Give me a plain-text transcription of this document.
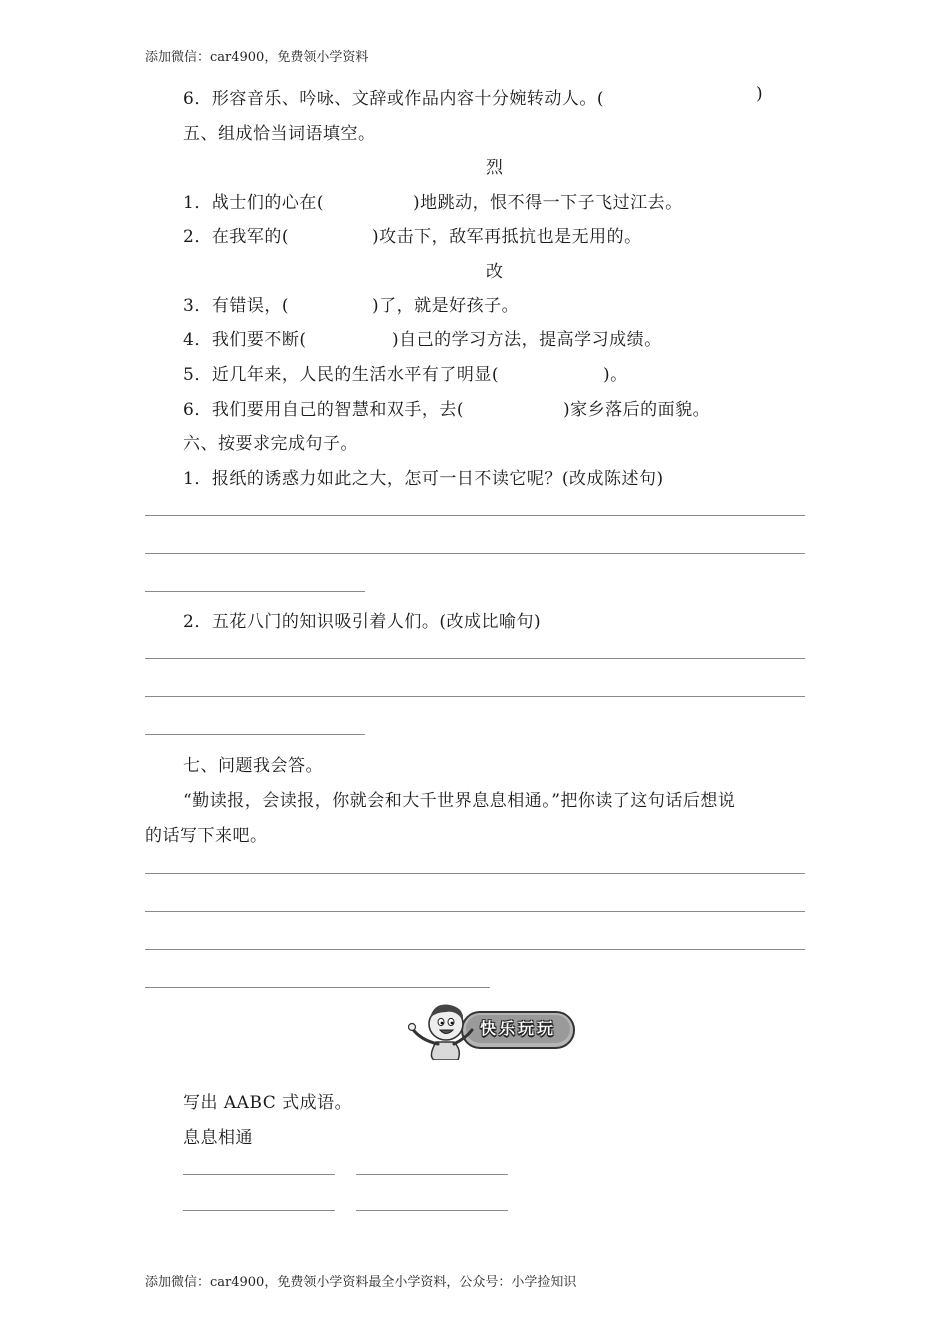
添加微信：car4900，免费领小学资料
6．形容音乐、吟咏、文辞或作品内容十分婉转动人。(	)
五、组成恰当词语填空。
烈
1．战士们的心在(	)地跳动，恨不得一下子飞过江去。
2．在我军的(	)攻击下，敌军再抵抗也是无用的。
改
3．有错误，(	)了，就是好孩子。
4．我们要不断(	)自己的学习方法，提高学习成绩。
5．近几年来，人民的生活水平有了明显(	)。
6．我们要用自己的智慧和双手，去(	)家乡落后的面貌。
六、按要求完成句子。
1．报纸的诱惑力如此之大，怎可一日不读它呢？(改成陈述句)
2．五花八门的知识吸引着人们。(改成比喻句)
七、问题我会答。
“勤读报，会读报，你就会和大千世界息息相通。”把你读了这句话后想说
的话写下来吧。
快乐玩玩
写出 AABC 式成语。
息息相通
添加微信：car4900，免费领小学资料最全小学资料，公众号：小学捡知识
